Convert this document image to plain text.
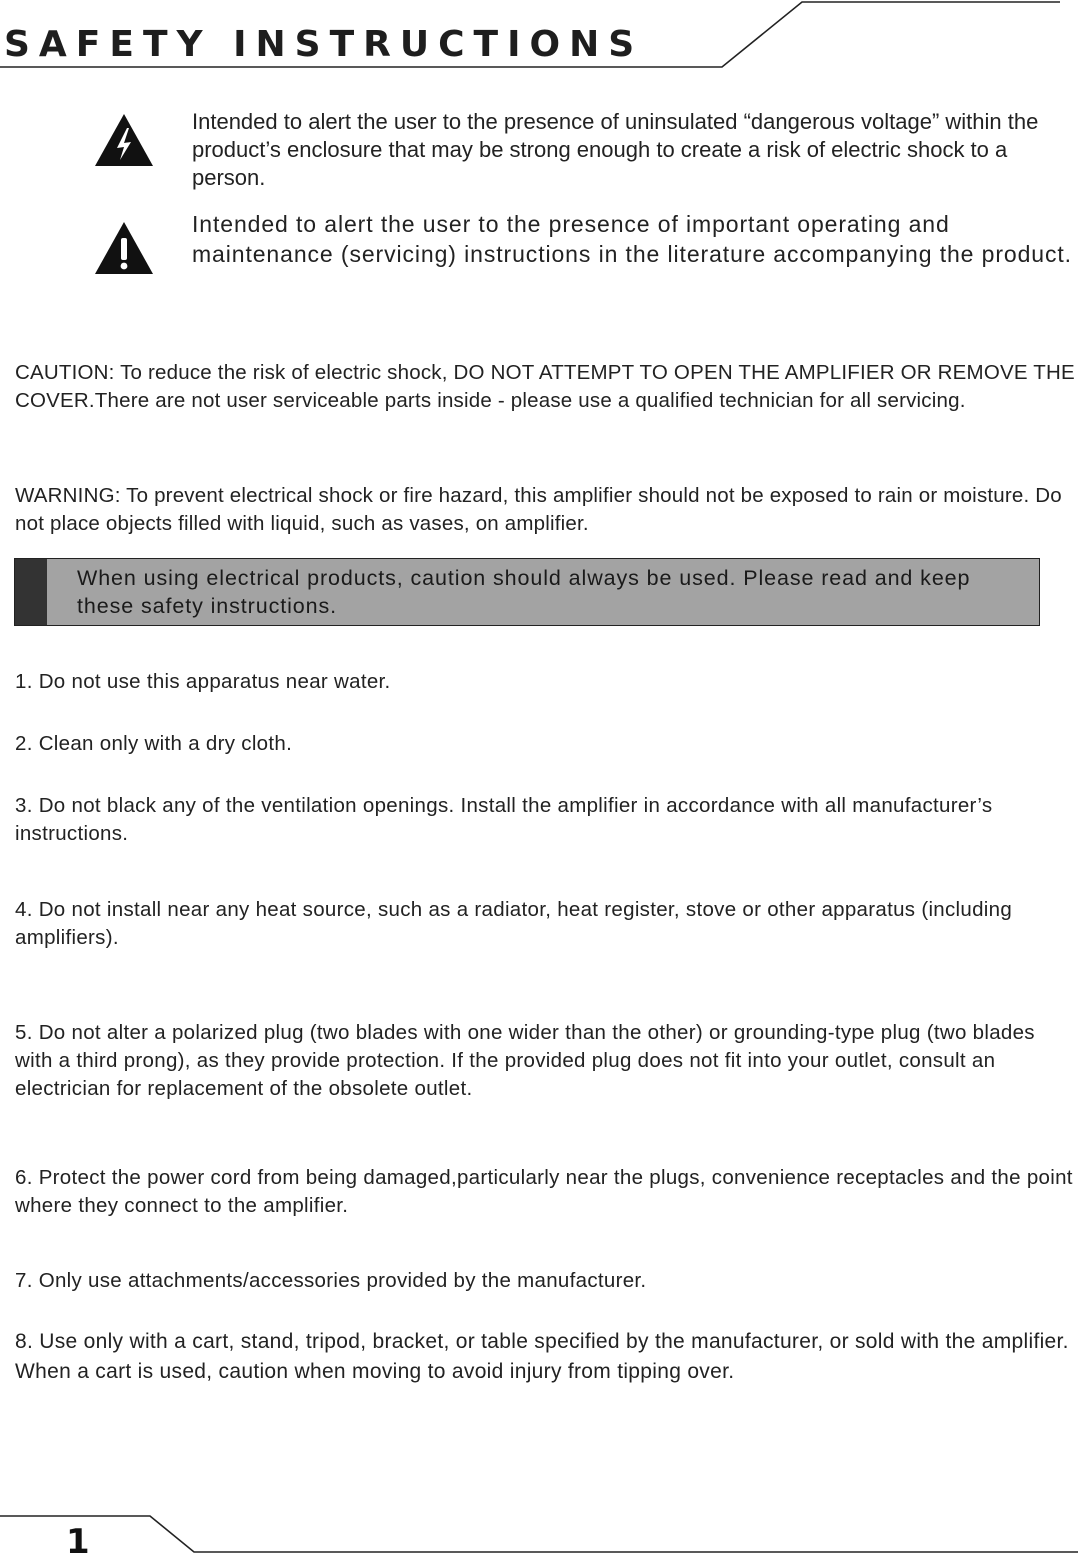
SAFETY INSTRUCTIONS

Intended to alert the user to the presence of uninsulated “dangerous voltage” within the product’s enclosure that may be strong enough to create a risk of electric shock to a person.

Intended to alert the user to the presence of important operating and maintenance (servicing) instructions in the literature accompanying the product.

CAUTION: To reduce the risk of electric shock, DO NOT ATTEMPT TO OPEN THE AMPLIFIER OR REMOVE THE COVER.There are not user serviceable parts inside - please use a qualified technician for all servicing.

WARNING: To prevent electrical shock or fire hazard, this amplifier should not be exposed to rain or moisture. Do not place objects filled with liquid, such as vases, on amplifier.

When using electrical products, caution should always be used. Please read and keep these safety instructions.

1. Do not use this apparatus near water.

2. Clean only with a dry cloth.

3. Do not black any of the ventilation openings. Install the amplifier in accordance with all manufacturer’s instructions.

4. Do not install near any heat source, such as a radiator, heat register, stove or other apparatus (including amplifiers).

5. Do not alter a polarized plug (two blades with one wider than the other) or grounding-type plug (two blades with a third prong), as they provide protection. If the provided plug does not fit into your outlet, consult an electrician for replacement of the obsolete outlet.

6. Protect the power cord from being damaged,particularly near the plugs, convenience receptacles and the point where they connect to the amplifier.

7. Only use attachments/accessories provided by the manufacturer.

8. Use only with a cart, stand, tripod, bracket, or table specified by the manufacturer, or sold with the amplifier. When a cart is used, caution when moving to avoid injury from tipping over.

1
